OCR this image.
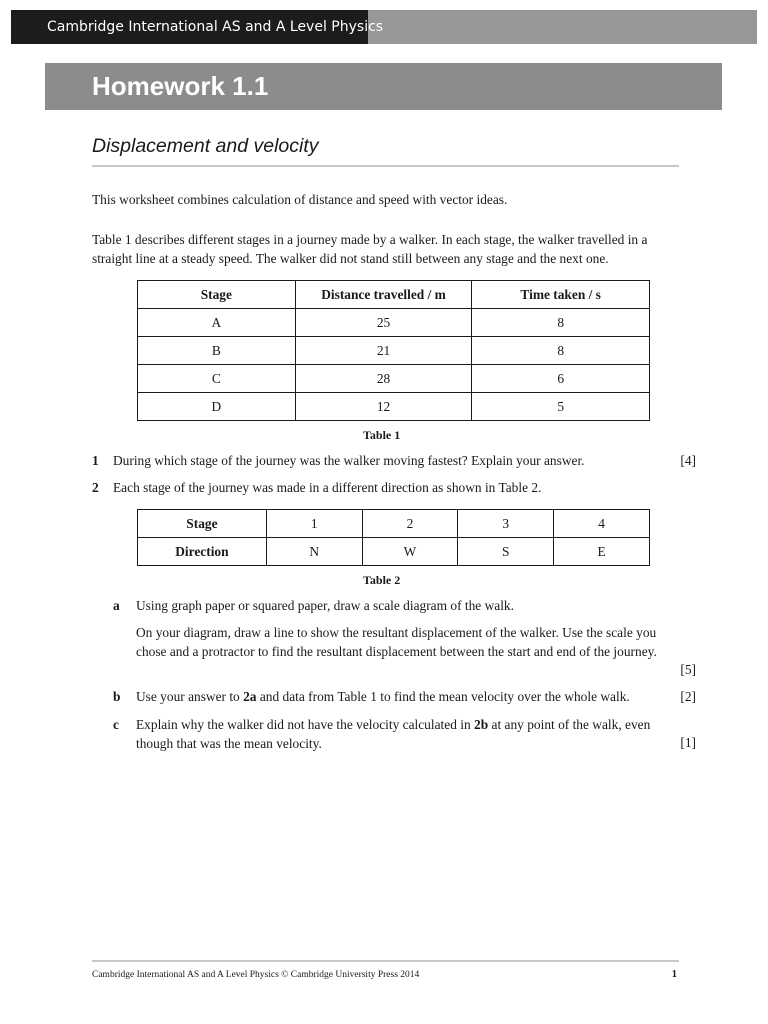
Cambridge International AS and A Level Physics
Homework 1.1
Displacement and velocity
This worksheet combines calculation of distance and speed with vector ideas.
Table 1 describes different stages in a journey made by a walker. In each stage, the walker travelled in a straight line at a steady speed. The walker did not stand still between any stage and the next one.
Stage	Distance travelled / m	Time taken / s
A	25	8
B	21	8
C	28	6
D	12	5
Table 1
1 During which stage of the journey was the walker moving fastest? Explain your answer.	[4]
2 Each stage of the journey was made in a different direction as shown in Table 2.
Stage	1	2	3	4
Direction	N	W	S	E
Table 2
a Using graph paper or squared paper, draw a scale diagram of the walk.
On your diagram, draw a line to show the resultant displacement of the walker. Use the scale you chose and a protractor to find the resultant displacement between the start and end of the journey.
[5]
b Use your answer to 2a and data from Table 1 to find the mean velocity over the whole walk.	[2]
c Explain why the walker did not have the velocity calculated in 2b at any point of the walk, even though that was the mean velocity.	[1]
Cambridge International AS and A Level Physics © Cambridge University Press 2014	1
